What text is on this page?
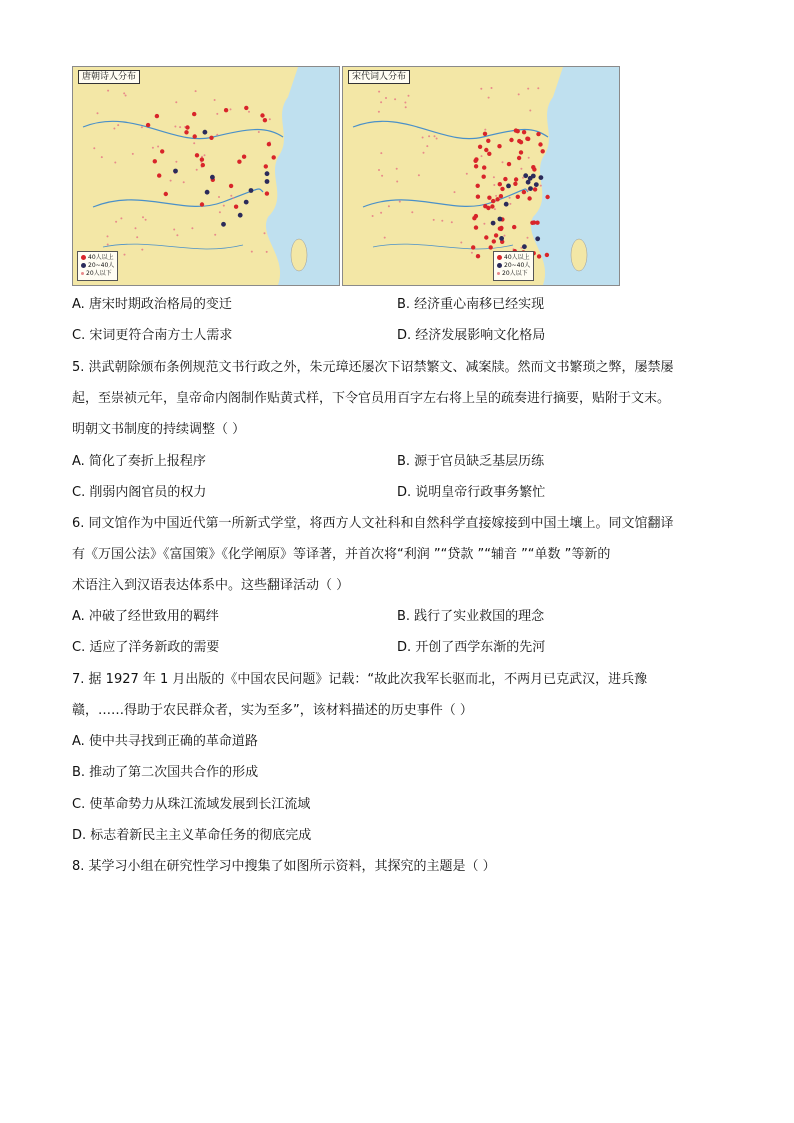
唐朝诗人分布
40人以上
20~40人
20人以下
宋代词人分布
40人以上
20~40人
20人以下
A. 唐宋时期政治格局的变迁	B. 经济重心南移已经实现
C. 宋词更符合南方士人需求	D. 经济发展影响文化格局
5. 洪武朝除颁布条例规范文书行政之外，朱元璋还屡次下诏禁繁文、减案牍。然而文书繁琐之弊，屡禁屡
起，至崇祯元年，皇帝命内阁制作贴黄式样，下令官员用百字左右将上呈的疏奏进行摘要，贴附于文末。
明朝文书制度的持续调整（ ）
A. 简化了奏折上报程序	B. 源于官员缺乏基层历练
C. 削弱内阁官员的权力	D. 说明皇帝行政事务繁忙
6. 同文馆作为中国近代第一所新式学堂，将西方人文社科和自然科学直接嫁接到中国土壤上。同文馆翻译
有《万国公法》《富国策》《化学阐原》等译著，并首次将“利润 ”“贷款 ”“辅音 ”“单数 ”等新的
术语注入到汉语表达体系中。这些翻译活动（ ）
A. 冲破了经世致用的羁绊	B. 践行了实业救国的理念
C. 适应了洋务新政的需要	D. 开创了西学东渐的先河
7. 据 1927 年 1 月出版的《中国农民问题》记载：“故此次我军长驱而北，不两月已克武汉，进兵豫
赣，……得助于农民群众者，实为至多”，该材料描述的历史事件（ ）
A. 使中共寻找到正确的革命道路
B. 推动了第二次国共合作的形成
C. 使革命势力从珠江流域发展到长江流域
D. 标志着新民主主义革命任务的彻底完成
8. 某学习小组在研究性学习中搜集了如图所示资料，其探究的主题是（ ）
